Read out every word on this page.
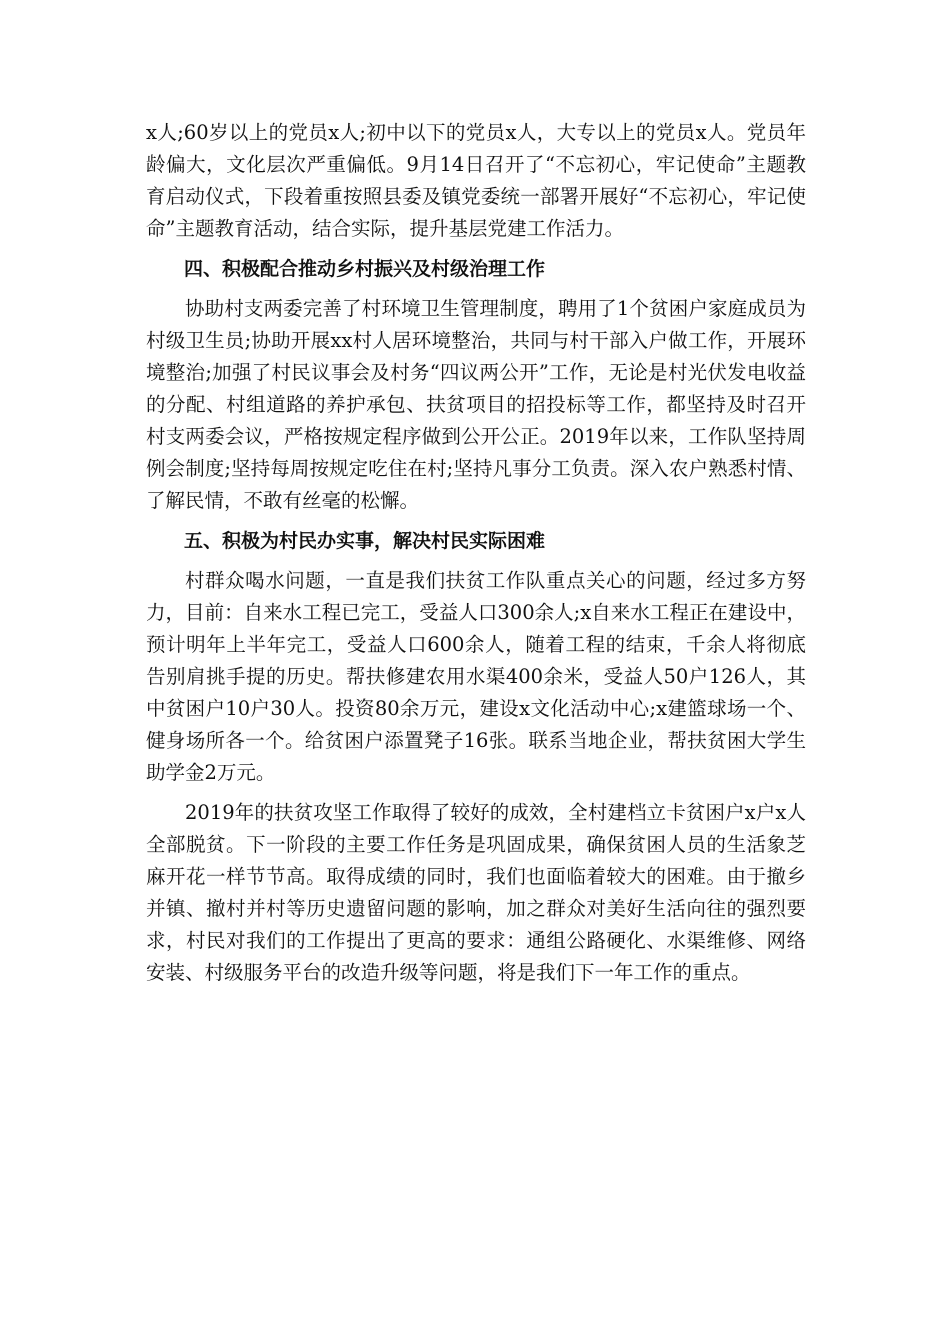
x人;60岁以上的党员x人;初中以下的党员x人，大专以上的党员x人。党员年龄偏大，文化层次严重偏低。9月14日召开了“不忘初心，牢记使命”主题教育启动仪式，下段着重按照县委及镇党委统一部署开展好“不忘初心，牢记使命”主题教育活动，结合实际，提升基层党建工作活力。

四、积极配合推动乡村振兴及村级治理工作

协助村支两委完善了村环境卫生管理制度，聘用了1个贫困户家庭成员为村级卫生员;协助开展xx村人居环境整治，共同与村干部入户做工作，开展环境整治;加强了村民议事会及村务“四议两公开”工作，无论是村光伏发电收益的分配、村组道路的养护承包、扶贫项目的招投标等工作，都坚持及时召开村支两委会议，严格按规定程序做到公开公正。2019年以来，工作队坚持周例会制度;坚持每周按规定吃住在村;坚持凡事分工负责。深入农户熟悉村情、了解民情，不敢有丝毫的松懈。

五、积极为村民办实事，解决村民实际困难

村群众喝水问题，一直是我们扶贫工作队重点关心的问题，经过多方努力，目前：自来水工程已完工，受益人口300余人;x自来水工程正在建设中，预计明年上半年完工，受益人口600余人，随着工程的结束，千余人将彻底告别肩挑手提的历史。帮扶修建农用水渠400余米，受益人50户126人，其中贫困户10户30人。投资80余万元，建设x文化活动中心;x建篮球场一个、健身场所各一个。给贫困户添置凳子16张。联系当地企业，帮扶贫困大学生助学金2万元。

2019年的扶贫攻坚工作取得了较好的成效，全村建档立卡贫困户x户x人全部脱贫。下一阶段的主要工作任务是巩固成果，确保贫困人员的生活象芝麻开花一样节节高。取得成绩的同时，我们也面临着较大的困难。由于撤乡并镇、撤村并村等历史遗留问题的影响，加之群众对美好生活向往的强烈要求，村民对我们的工作提出了更高的要求：通组公路硬化、水渠维修、网络安装、村级服务平台的改造升级等问题，将是我们下一年工作的重点。
